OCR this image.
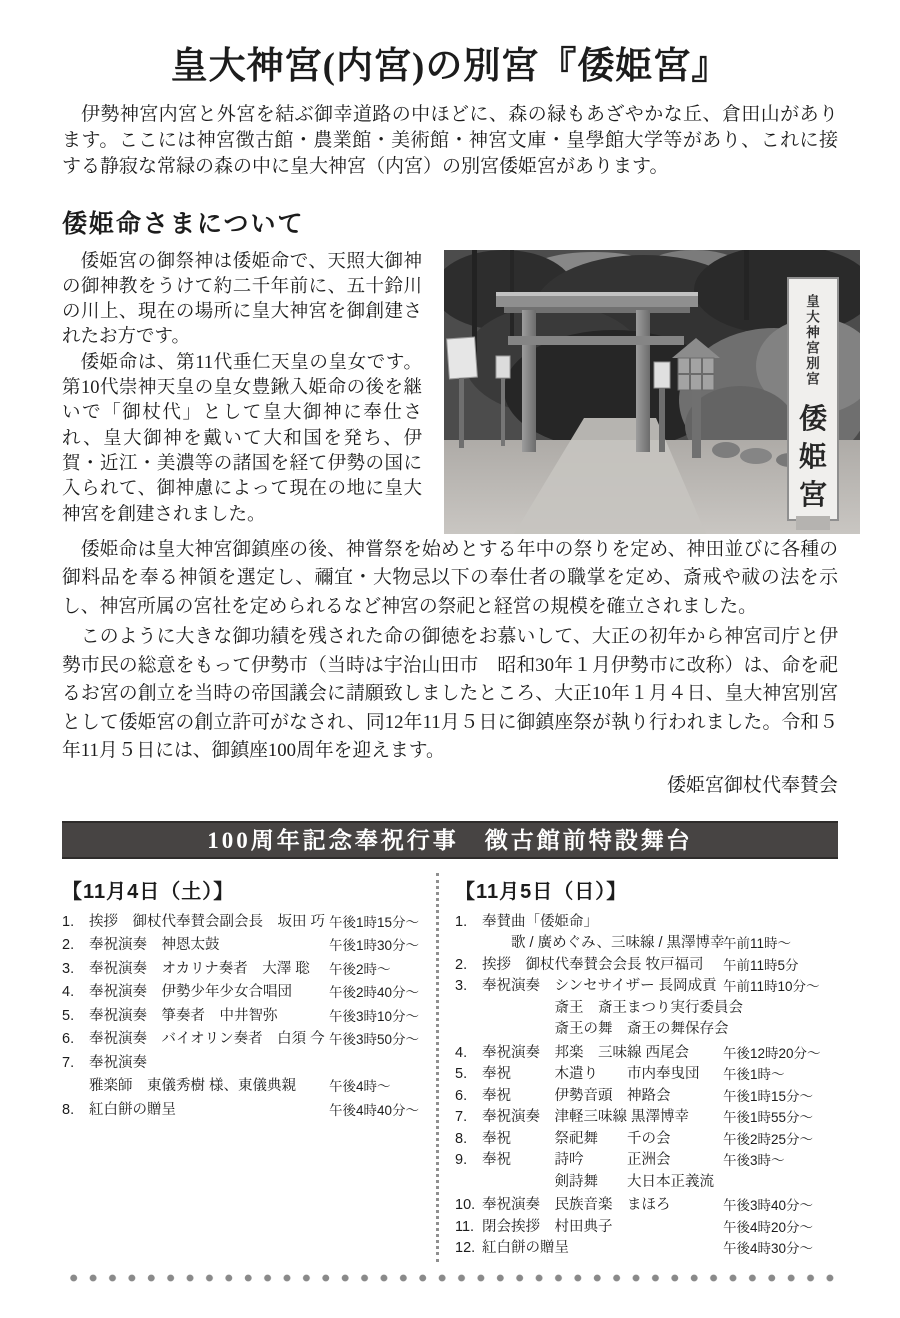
皇大神宮(内宮)の別宮『倭姫宮』

伊勢神宮内宮と外宮を結ぶ御幸道路の中ほどに、森の緑もあざやかな丘、倉田山があります。ここには神宮徴古館・農業館・美術館・神宮文庫・皇學館大学等があり、これに接する静寂な常緑の森の中に皇大神宮（内宮）の別宮倭姫宮があります。

倭姫命さまについて

倭姫宮の御祭神は倭姫命で、天照大御神の御神教をうけて約二千年前に、五十鈴川の川上、現在の場所に皇大神宮を御創建されたお方です。

倭姫命は、第11代垂仁天皇の皇女です。第10代崇神天皇の皇女豊鍬入姫命の後を継いで「御杖代」として皇大御神に奉仕され、皇大御神を戴いて大和国を発ち、伊賀・近江・美濃等の諸国を経て伊勢の国に入られて、御神慮によって現在の地に皇大神宮を創建されました。

皇大神宮別宮
倭姫宮

倭姫命は皇大神宮御鎮座の後、神嘗祭を始めとする年中の祭りを定め、神田並びに各種の御料品を奉る神領を選定し、禰宜・大物忌以下の奉仕者の職掌を定め、斎戒や祓の法を示し、神宮所属の宮社を定められるなど神宮の祭祀と経営の規模を確立されました。

このように大きな御功績を残された命の御徳をお慕いして、大正の初年から神宮司庁と伊勢市民の総意をもって伊勢市（当時は宇治山田市　昭和30年１月伊勢市に改称）は、命を祀るお宮の創立を当時の帝国議会に請願致しましたところ、大正10年１月４日、皇大神宮別宮として倭姫宮の創立許可がなされ、同12年11月５日に御鎮座祭が執り行われました。令和５年11月５日には、御鎮座100周年を迎えます。

倭姫宮御杖代奉賛会

100周年記念奉祝行事　徴古館前特設舞台
【11月4日（土）】
1.	挨拶　御杖代奉賛会副会長　坂田 巧 午後1時15分～
2.	奉祝演奏　神恩太鼓	午後1時30分～
3.	奉祝演奏　オカリナ奏者　大澤 聡 午後2時～
4.	奉祝演奏　伊勢少年少女合唱団	午後2時40分～
5.	奉祝演奏　箏奏者　中井智弥	午後3時10分～
6.	奉祝演奏　バイオリン奏者　白須 今 午後3時50分～
7.	奉祝演奏
雅楽師　東儀秀樹 様、東儀典親 午後4時～
8.	紅白餅の贈呈	午後4時40分～
【11月5日（日）】
1.	奉賛曲「倭姫命」
　　歌 / 廣めぐみ、三味線 / 黒澤博幸
午前11時～
2.	挨拶　御杖代奉賛会会長 牧戸福司 午前11時5分
3.	奉祝演奏　シンセサイザー 長岡成貢 午前11時10分～
　　　　　斎王　斎王まつり実行委員会
　　　　　斎王の舞　斎王の舞保存会
4.	奉祝演奏　邦楽　三味線 西尾会	午後12時20分～
5.	奉祝　　　木遣り　　市内奉曳団 午後1時～
6.	奉祝　　　伊勢音頭　神路会	午後1時15分～
7.	奉祝演奏　津軽三味線 黒澤博幸	午後1時55分～
8.	奉祝　　　祭祀舞　　千の会	午後2時25分～
9.	奉祝　　　詩吟　　　正洲会	午後3時～
　　　　　剣詩舞　　大日本正義流
10. 奉祝演奏　民族音楽　まほろ	午後3時40分～
11. 閉会挨拶　村田典子	午後4時20分～
12. 紅白餅の贈呈	午後4時30分～
